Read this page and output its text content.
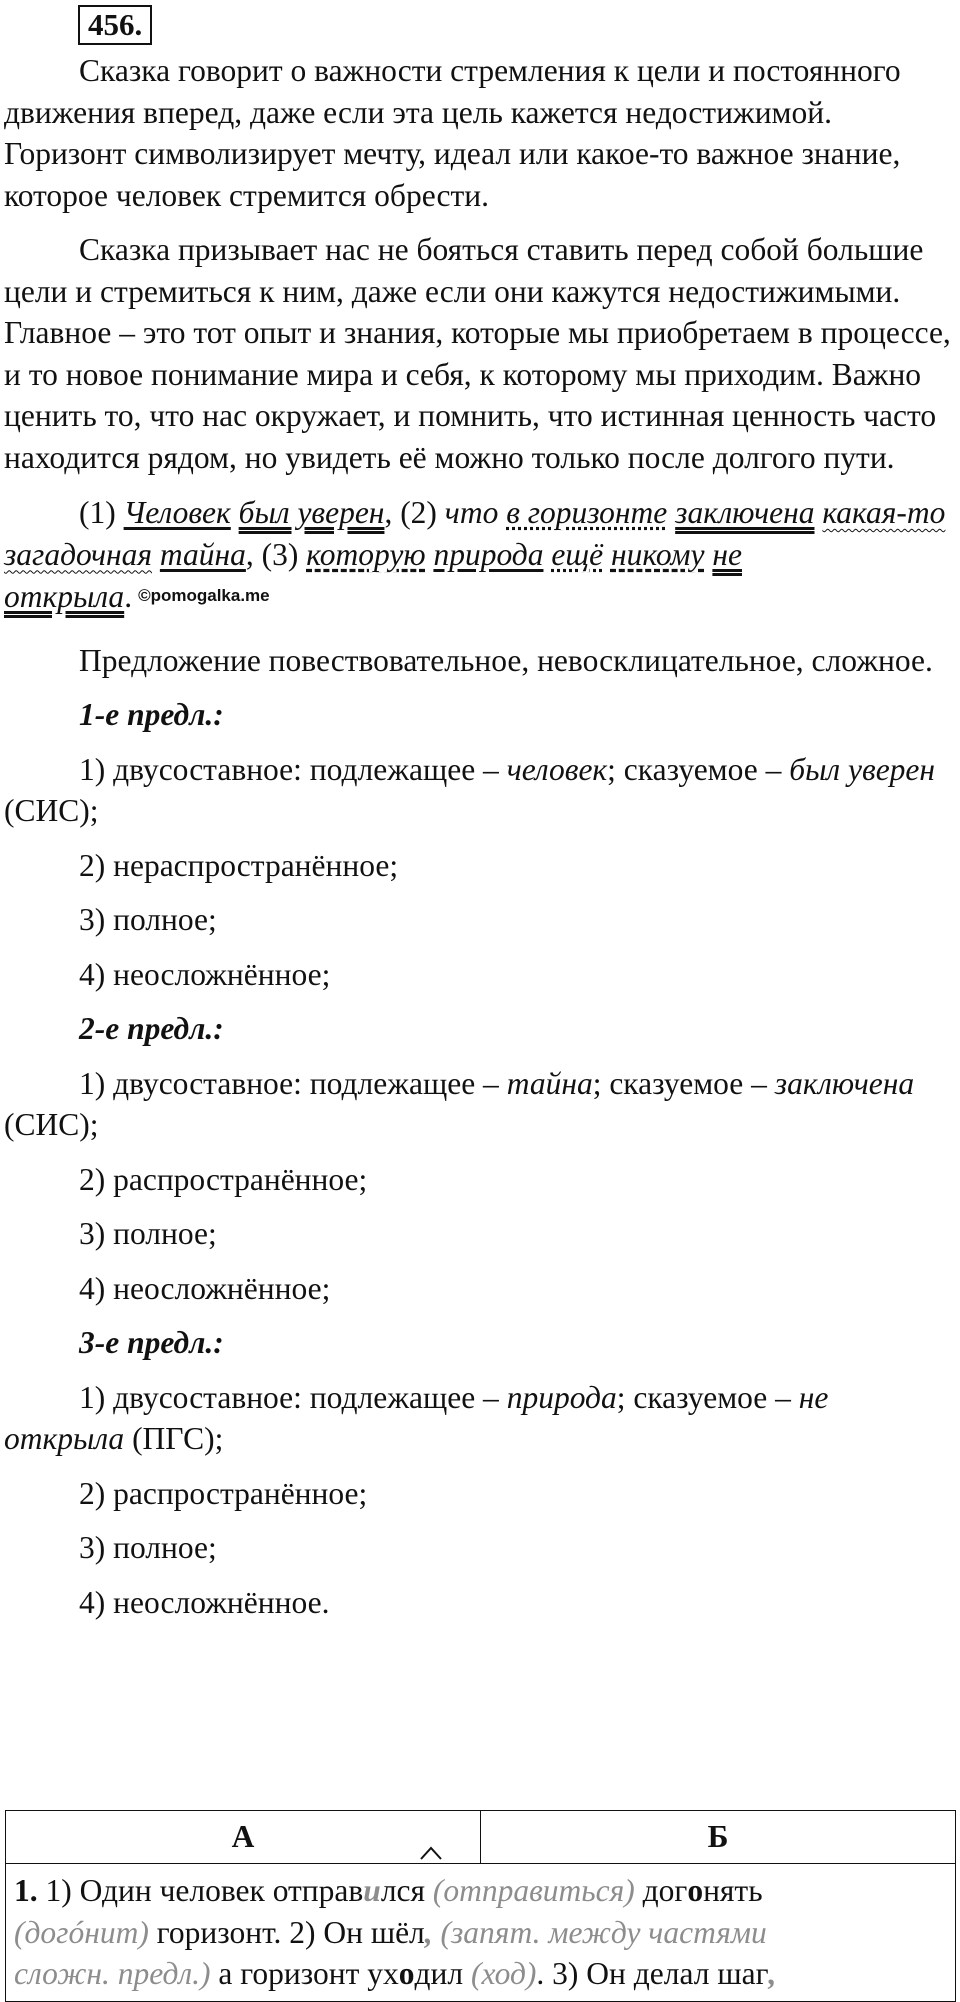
456.

Сказка говорит о важности стремления к цели и постоянного движения вперед, даже если эта цель кажется недостижимой. Горизонт символизирует мечту, идеал или какое-то важное знание, которое человек стремится обрести.

Сказка призывает нас не бояться ставить перед собой большие цели и стремиться к ним, даже если они кажутся недостижимыми. Главное – это тот опыт и знания, которые мы приобретаем в процессе, и то новое понимание мира и себя, к которому мы приходим. Важно ценить то, что нас окружает, и помнить, что истинная ценность часто находится рядом, но увидеть её можно только после долгого пути.

(1) Человек был уверен, (2) что в горизонте заключена какая-то загадочная тайна, (3) которую природа ещё никому не открыла. ©pomogalka.me

Предложение повествовательное, невосклицательное, сложное.

1-е предл.:

1) двусоставное: подлежащее – человек; сказуемое – был уверен (СИС);

2) нераспространённое;

3) полное;

4) неосложнённое;

2-е предл.:

1) двусоставное: подлежащее – тайна; сказуемое – заключена (СИС);

2) распространённое;

3) полное;

4) неосложнённое;

3-е предл.:

1) двусоставное: подлежащее – природа; сказуемое – не открыла (ПГС);

2) распространённое;

3) полное;

4) неосложнённое.

А	Б
1. 1) Один человек отправился (отправиться) догонять
(догóнит) горизонт. 2) Он шёл, (запят. между частями
сложн. предл.) а горизонт уходил (ход). 3) Он делал шаг,
